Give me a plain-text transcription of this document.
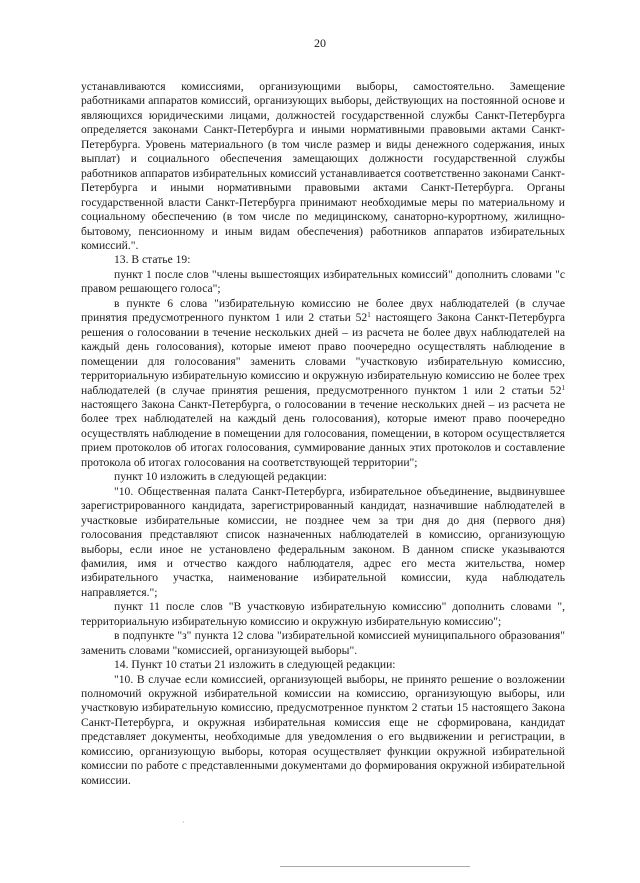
20

устанавливаются комиссиями, организующими выборы, самостоятельно. Замещение работниками аппаратов комиссий, организующих выборы, действующих на постоянной основе и являющихся юридическими лицами, должностей государственной службы Санкт-Петербурга определяется законами Санкт-Петербурга и иными нормативными правовыми актами Санкт-Петербурга. Уровень материального (в том числе размер и виды денежного содержания, иных выплат) и социального обеспечения замещающих должности государственной службы работников аппаратов избирательных комиссий устанавливается соответственно законами Санкт-Петербурга и иными нормативными правовыми актами Санкт-Петербурга. Органы государственной власти Санкт-Петербурга принимают необходимые меры по материальному и социальному обеспечению (в том числе по медицинскому, санаторно-курортному, жилищно-бытовому, пенсионному и иным видам обеспечения) работников аппаратов избирательных комиссий.".

13. В статье 19:

пункт 1 после слов "члены вышестоящих избирательных комиссий" дополнить словами "с правом решающего голоса";

в пункте 6 слова "избирательную комиссию не более двух наблюдателей (в случае принятия предусмотренного пунктом 1 или 2 статьи $52^1$ настоящего Закона Санкт-Петербурга решения о голосовании в течение нескольких дней – из расчета не более двух наблюдателей на каждый день голосования), которые имеют право поочередно осуществлять наблюдение в помещении для голосования" заменить словами "участковую избирательную комиссию, территориальную избирательную комиссию и окружную избирательную комиссию не более трех наблюдателей (в случае принятия решения, предусмотренного пунктом 1 или 2 статьи $52^1$ настоящего Закона Санкт-Петербурга, о голосовании в течение нескольких дней – из расчета не более трех наблюдателей на каждый день голосования), которые имеют право поочередно осуществлять наблюдение в помещении для голосования, помещении, в котором осуществляется прием протоколов об итогах голосования, суммирование данных этих протоколов и составление протокола об итогах голосования на соответствующей территории";

пункт 10 изложить в следующей редакции:

"10. Общественная палата Санкт-Петербурга, избирательное объединение, выдвинувшее зарегистрированного кандидата, зарегистрированный кандидат, назначившие наблюдателей в участковые избирательные комиссии, не позднее чем за три дня до дня (первого дня) голосования представляют список назначенных наблюдателей в комиссию, организующую выборы, если иное не установлено федеральным законом. В данном списке указываются фамилия, имя и отчество каждого наблюдателя, адрес его места жительства, номер избирательного участка, наименование избирательной комиссии, куда наблюдатель направляется.";

пункт 11 после слов "В участковую избирательную комиссию" дополнить словами ", территориальную избирательную комиссию и окружную избирательную комиссию";

в подпункте "з" пункта 12 слова "избирательной комиссией муниципального образования" заменить словами "комиссией, организующей выборы".

14. Пункт 10 статьи 21 изложить в следующей редакции:

"10. В случае если комиссией, организующей выборы, не принято решение о возложении полномочий окружной избирательной комиссии на комиссию, организующую выборы, или участковую избирательную комиссию, предусмотренное пунктом 2 статьи 15 настоящего Закона Санкт-Петербурга, и окружная избирательная комиссия еще не сформирована, кандидат представляет документы, необходимые для уведомления о его выдвижении и регистрации, в комиссию, организующую выборы, которая осуществляет функции окружной избирательной комиссии по работе с представленными документами до формирования окружной избирательной комиссии.

·
